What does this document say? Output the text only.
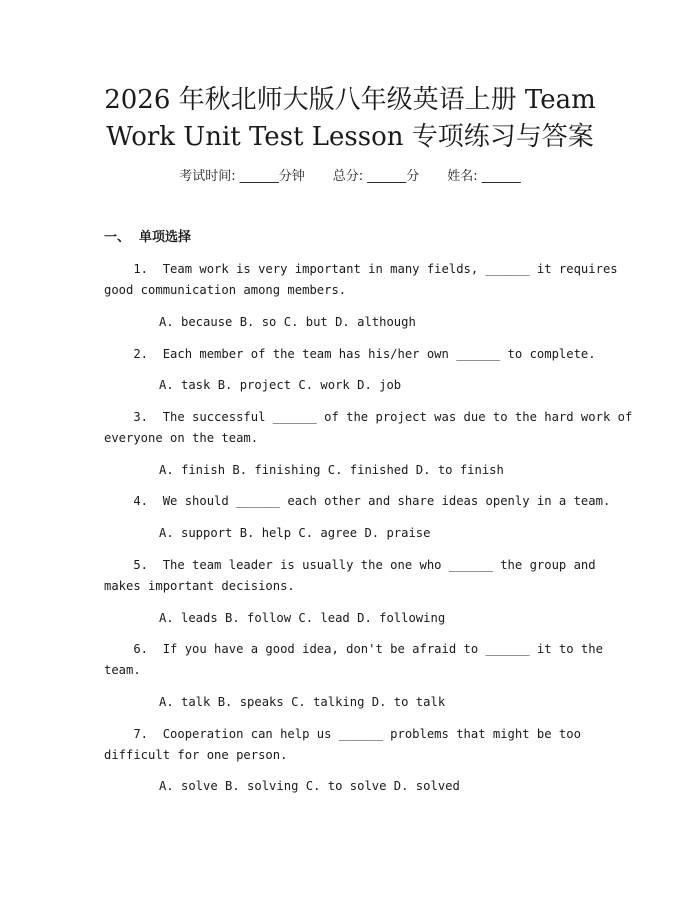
2026 年秋北师大版八年级英语上册 Team
Work Unit Test Lesson 专项练习与答案
考试时间: ______分钟 总分: ______分 姓名: ______
一、  单项选择
1.  Team work is very important in many fields, ______ it requires
good communication among members.
A. because B. so C. but D. although
2.  Each member of the team has his/her own ______ to complete.
A. task B. project C. work D. job
3.  The successful ______ of the project was due to the hard work of
everyone on the team.
A. finish B. finishing C. finished D. to finish
4.  We should ______ each other and share ideas openly in a team.
A. support B. help C. agree D. praise
5.  The team leader is usually the one who ______ the group and
makes important decisions.
A. leads B. follow C. lead D. following
6.  If you have a good idea, don't be afraid to ______ it to the
team.
A. talk B. speaks C. talking D. to talk
7.  Cooperation can help us ______ problems that might be too
difficult for one person.
A. solve B. solving C. to solve D. solved
